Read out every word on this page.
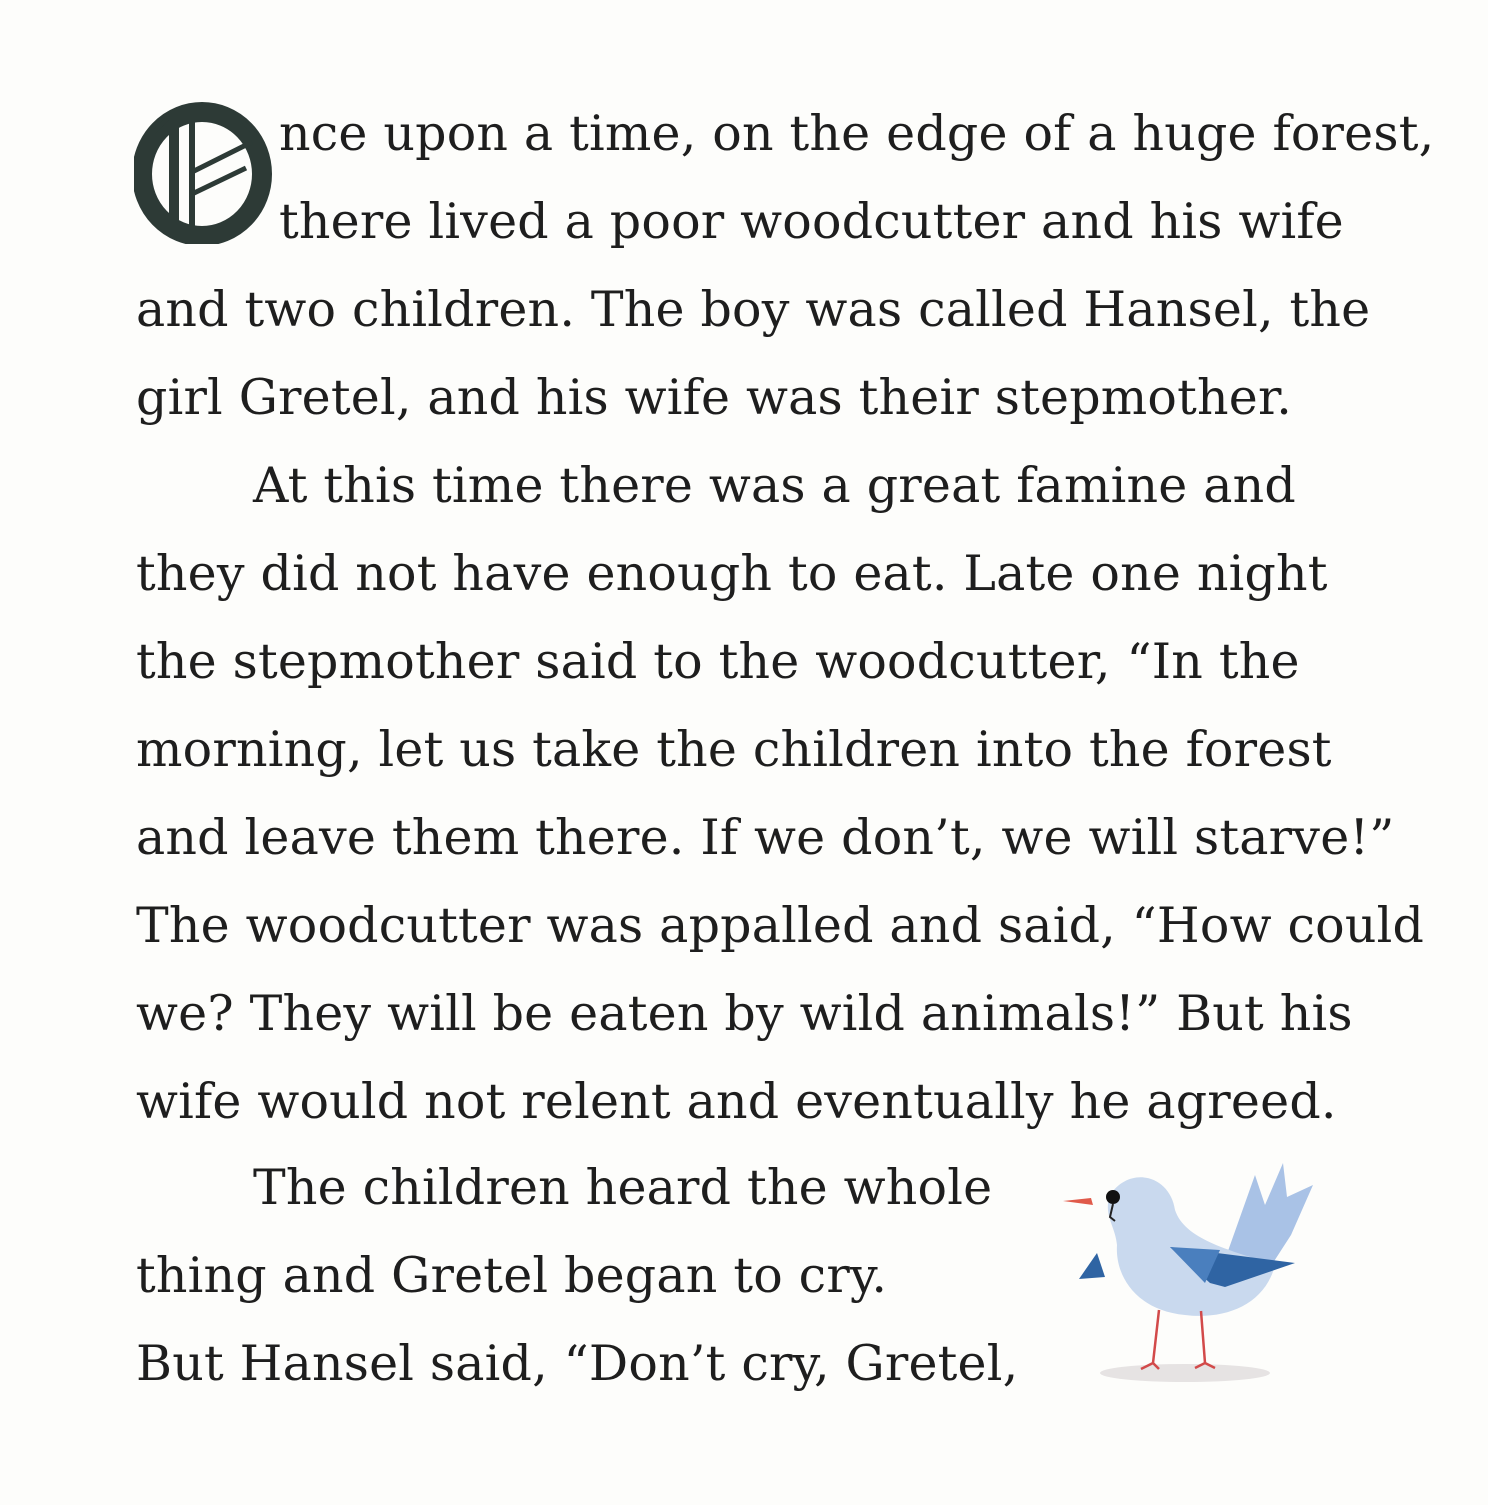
nce upon a time, on the edge of a huge forest,
there lived a poor woodcutter and his wife
and two children. The boy was called Hansel, the
girl Gretel, and his wife was their stepmother.
At this time there was a great famine and
they did not have enough to eat. Late one night
the stepmother said to the woodcutter, “In the
morning, let us take the children into the forest
and leave them there. If we don’t, we will starve!”
The woodcutter was appalled and said, “How could
we? They will be eaten by wild animals!” But his
wife would not relent and eventually he agreed.
The children heard the whole
thing and Gretel began to cry.
But Hansel said, “Don’t cry, Gretel,
